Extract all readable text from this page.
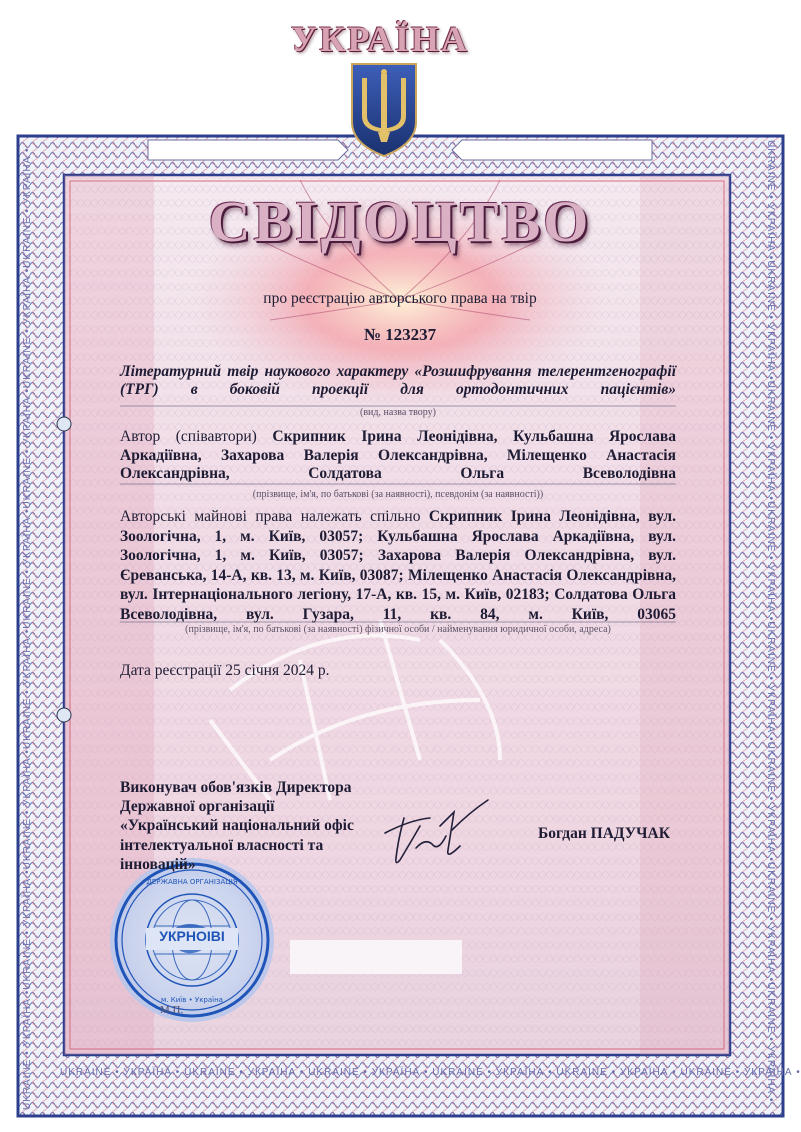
ДЕРЖАВНА ОРГАНІЗАЦІЯ
м. Київ • Україна
UKRAINE • УКРАЇНА •UKRAINE • УКРАЇНА •UKRAINE • УКРАЇНА •UKRAINE • УКРАЇНА •UKRAINE • УКРАЇНА •UKRAINE • УКРАЇНА •UKRAINE • УКРАЇНА •UKRAINE • УКРАЇНА •	UKRAINE • УКРАЇНА •UKRAINE • УКРАЇНА •UKRAINE • УКРАЇНА •UKRAINE • УКРАЇНА •UKRAINE • УКРАЇНА •UKRAINE • УКРАЇНА •UKRAINE • УКРАЇНА •UKRAINE • УКРАЇНА •
UKRAINE • УКРАЇНА • UKRAINE • УКРАЇНА • UKRAINE • УКРАЇНА • UKRAINE • УКРАЇНА • UKRAINE • УКРАЇНА • UKRAINE • УКРАЇНА •
УКРАЇНА
СВІДОЦТВО
про реєстрацію авторського права на твір
№ 123237
Літературний твір наукового характеру «Розшифрування телерентгенографії (ТРГ) в боковій проекції для ортодонтичних пацієнтів»
(вид, назва твору)
Автор (співавтори) Скрипник Ірина Леонідівна, Кульбашна Ярослава Аркадіївна, Захарова Валерія Олександрівна, Мілещенко Анастасія Олександрівна, Солдатова Ольга Всеволодівна
(прізвище, ім'я, по батькові (за наявності), псевдонім (за наявності))
Авторські майнові права належать спільно Скрипник Ірина Леонідівна, вул. Зоологічна, 1, м. Київ, 03057; Кульбашна Ярослава Аркадіївна, вул. Зоологічна, 1, м. Київ, 03057; Захарова Валерія Олександрівна, вул. Єреванська, 14-А, кв. 13, м. Київ, 03087; Мілещенко Анастасія Олександрівна, вул. Інтернаціонального легіону, 17-А, кв. 15, м. Київ, 02183; Солдатова Ольга Всеволодівна, вул. Гузара, 11, кв. 84, м. Київ, 03065
(прізвище, ім'я, по батькові (за наявності) фізичної особи / найменування юридичної особи, адреса)
Дата реєстрації 25 січня 2024 р.
Виконувач обов'язків Директора Державної організації «Український національний офіс інтелектуальної власності та інновацій»
Богдан ПАДУЧАК
УКРНОІВІ
М.П.
